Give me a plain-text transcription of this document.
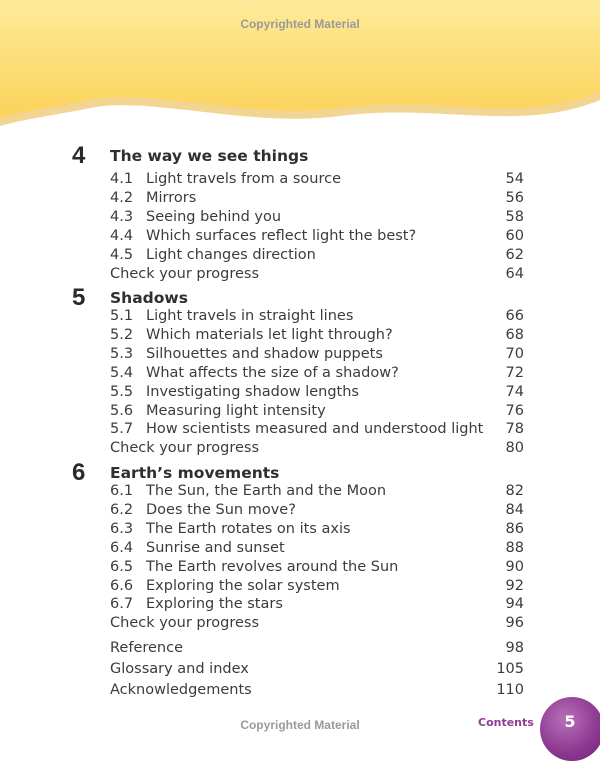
Copyrighted Material
4 The way we see things
4.1 Light travels from a source	54
4.2 Mirrors	56
4.3 Seeing behind you	58
4.4 Which surfaces reflect light the best?	60
4.5 Light changes direction	62
Check your progress	64
5 Shadows
5.1 Light travels in straight lines	66
5.2 Which materials let light through?	68
5.3 Silhouettes and shadow puppets	70
5.4 What affects the size of a shadow?	72
5.5 Investigating shadow lengths	74
5.6 Measuring light intensity	76
5.7 How scientists measured and understood light 78
Check your progress	80
6 Earth’s movements
6.1 The Sun, the Earth and the Moon	82
6.2 Does the Sun move?	84
6.3 The Earth rotates on its axis	86
6.4 Sunrise and sunset	88
6.5 The Earth revolves around the Sun	90
6.6 Exploring the solar system	92
6.7 Exploring the stars	94
Check your progress	96
Reference	98
Glossary and index	105
Acknowledgements	110
Copyrighted Material	Contents	5
